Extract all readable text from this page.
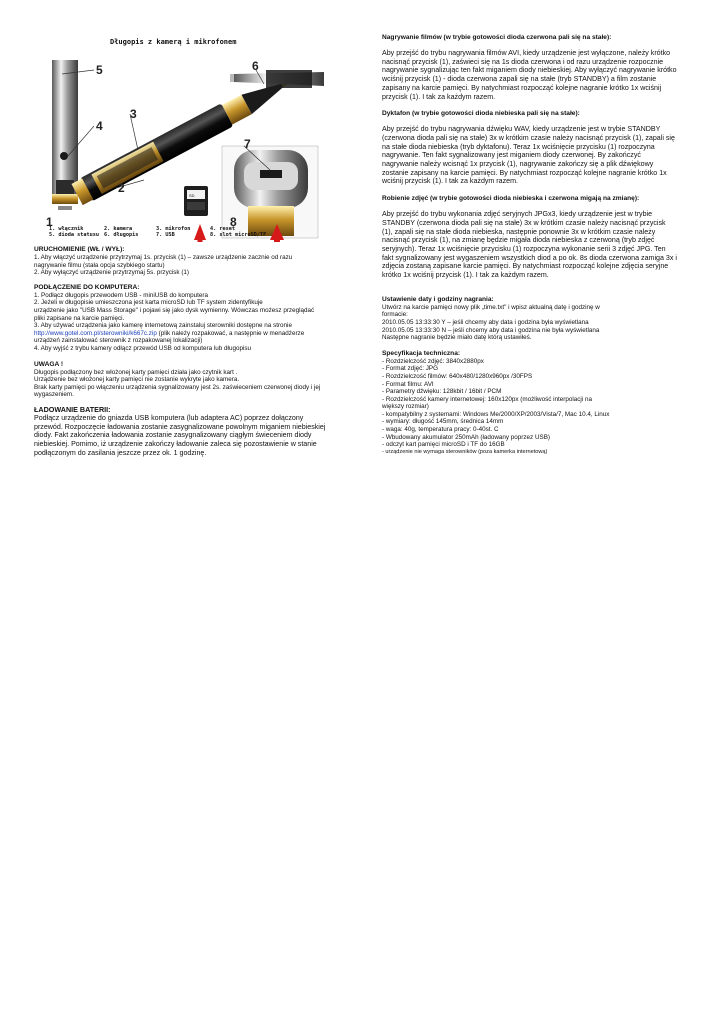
SD
5
4
3
6
2
1
7
8
Długopis z kamerą i mikrofonem
1. włącznik	2. kamera	3. mikrofon	4. reset
5. dioda statusu 6. długopis	7. USB	8. slot microSD/TF
URUCHOMIENIE (WŁ / WYŁ):
1. Aby włączyć urządzenie przytrzymaj 1s. przycisk (1) – zawsze urządzenie zacznie od razu
nagrywanie filmu (stała opcja szybkiego startu)
2. Aby wyłączyć urządzenie przytrzymaj 5s. przycisk (1)
PODŁĄCZENIE DO KOMPUTERA:
1. Podłącz długopis przewodem USB - miniUSB do komputera
2. Jeżeli w długopisie umieszczona jest karta microSD lub TF system zidentyfikuje
urządzenie jako "USB Mass Storage" i pojawi się jako dysk wymienny. Wówczas możesz przeglądać
pliki zapisane na karcie pamięci.
3. Aby używać urządzenia jako kamerę internetową zainstaluj sterowniki dostępne na stronie
http://www.gotel.com.pl/sterowniki/k667c.zip (plik należy rozpakować, a następnie w menadżerze
urządzeń zainstalować sterownik z rozpakowanej lokalizacji)
4. Aby wyjść z trybu kamery odłącz przewód USB od komputera lub długopisu
UWAGA !
Długopis podłączony bez włożonej karty pamięci działa jako czytnik kart .
Urządzenie bez włożonej karty pamięci nie zostanie wykryte jako kamera.
Brak karty pamięci po włączeniu urządzenia sygnalizowany jest 2s. zaświeceniem czerwonej diody i jej
wygaszeniem.
ŁADOWANIE BATERII:
Podłącz urządzenie do gniazda USB komputera (lub adaptera AC) poprzez dołączony
przewód. Rozpoczęcie ładowania zostanie zasygnalizowane powolnym miganiem niebieskiej
diody. Fakt zakończenia ładowania zostanie zasygnalizowany ciągłym świeceniem diody
niebieskiej. Pomimo, iż urządzenie zakończy ładowanie zaleca się pozostawienie w stanie
podłączonym do zasilania jeszcze przez ok. 1 godzinę.
Nagrywanie filmów (w trybie gotowości dioda czerwona pali się na stałe):
Aby przejść do trybu nagrywania filmów AVI, kiedy urządzenie jest wyłączone, należy krótko
nacisnąć przycisk (1), zaświeci się na 1s dioda czerwona i od razu urządzenie rozpocznie
nagrywanie sygnalizując ten fakt miganiem diody niebieskiej. Aby wyłączyć nagrywanie krótko
wciśnij przycisk (1) - dioda czerwona zapali się na stałe (tryb STANDBY) a film zostanie
zapisany na karcie pamięci. By natychmiast rozpocząć kolejne nagranie krótko 1x wciśnij
przycisk (1). I tak za każdym razem.
Dyktafon (w trybie gotowości dioda niebieska pali się na stałe):
Aby przejść do trybu nagrywania dźwięku WAV, kiedy urządzenie jest w trybie STANDBY
(czerwona dioda pali się na stałe) 3x w krótkim czasie należy nacisnąć przycisk (1), zapali się
na stałe dioda niebieska (tryb dyktafonu). Teraz 1x wciśnięcie przycisku (1) rozpoczyna
nagrywanie. Ten fakt sygnalizowany jest miganiem diody czerwonej. By zakończyć
nagrywanie należy wcisnąć 1x przycisk (1), nagrywanie zakończy się a plik dźwiękowy
zostanie zapisany na karcie pamięci. By natychmiast rozpocząć kolejne nagranie krótko 1x
wciśnij przycisk (1). I tak za każdym razem.
Robienie zdjęć (w trybie gotowości dioda niebieska i czerwona migają na zmianę):
Aby przejść do trybu wykonania zdjęć seryjnych JPGx3, kiedy urządzenie jest w trybie
STANDBY (czerwona dioda pali się na stałe) 3x w krótkim czasie należy nacisnąć przycisk
(1), zapali się na stałe dioda niebieska, następnie ponownie 3x w krótkim czasie należy
nacisnąć przycisk (1), na zmianę będzie migała dioda niebieska z czerwoną (tryb zdjęć
seryjnych). Teraz 1x wciśnięcie przycisku (1) rozpoczyna wykonanie serii 3 zdjęć JPG. Ten
fakt sygnalizowany jest wygaszeniem wszystkich diod a po ok. 8s dioda czerwona zamiga 3x i
zdjęcia zostaną zapisane karcie pamięci. By natychmiast rozpocząć kolejne zdjęcia seryjne
krótko 1x wciśnij przycisk (1). I tak za każdym razem.
Ustawienie daty i godziny nagrania:
Utwórz na karcie pamięci nowy plik „time.txt" i wpisz aktualną datę i godzinę w
formacie:
2010.05.05 13:33:30 Y – jeśli chcemy aby data i godzina była wyświetlana
2010.05.05 13:33:30 N – jeśli chcemy aby data i godzina nie była wyświetlana
Następne nagranie będzie miało datę którą ustawiłeś.
Specyfikacja techniczna:
- Rozdzielczość zdjęć: 3840x2880px
- Format zdjęć: JPG
- Rozdzielczość filmów: 640x480/1280x960px /30FPS
- Format filmu: AVI
- Parametry dźwięku: 128kbit / 16bit / PCM
- Rozdzielczość kamery internetowej: 160x120px (możliwość interpolacji na
większy rozmiar)
- kompatybilny z systemami: Windows Me/2000/XP/2003/Vista/7, Mac 10.4, Linux
- wymiary: długość 145mm, średnica 14mm
- waga: 40g, temperatura pracy: 0-40st. C
- Wbudowany akumulator 250mAh (ładowany poprzez USB)
- odczyt kart pamięci microSD i TF do 16GB
- urządzenie nie wymaga sterowników (poza kamerka internetową)
